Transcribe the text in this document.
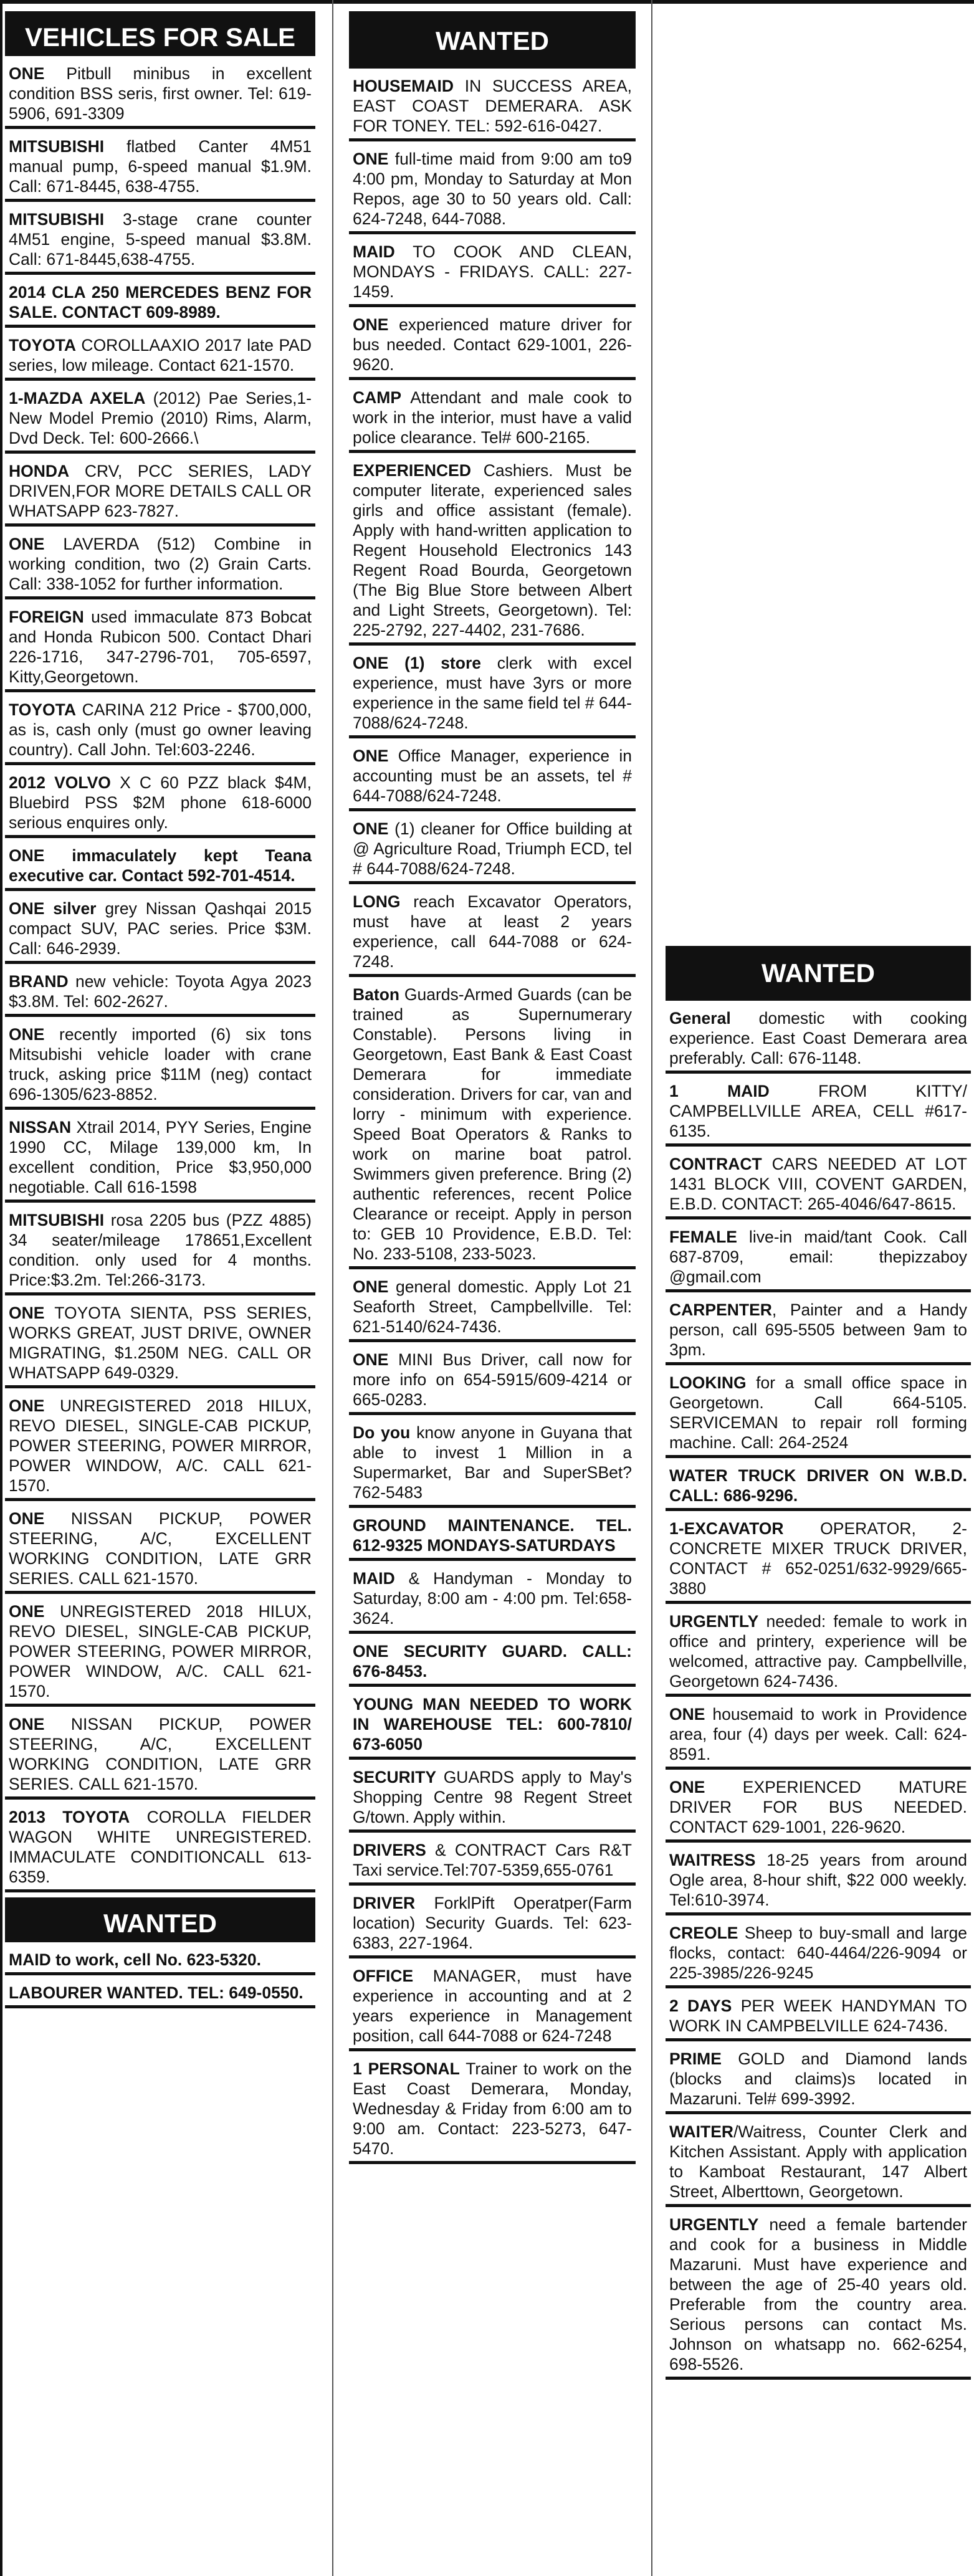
VEHICLES FOR SALE
ONE Pitbull minibus in excellent condition BSS seris, first owner. Tel: 619-5906, 691-3309
MITSUBISHI flatbed Canter 4M51 manual pump, 6-speed manual $1.9M. Call: 671-8445, 638-4755.
MITSUBISHI 3-stage crane counter 4M51 engine, 5-speed manual $3.8M. Call: 671-8445,638-4755.
2014 CLA 250 MERCEDES BENZ FOR SALE. CONTACT 609-8989.
TOYOTA COROLLAAXIO 2017 late PAD series, low mileage. Contact 621-1570.
1-MAZDA AXELA (2012) Pae Series,1- New Model Premio (2010) Rims, Alarm, Dvd Deck. Tel: 600-2666.\
HONDA CRV, PCC SERIES, LADY DRIVEN,FOR MORE DETAILS CALL OR WHATSAPP 623-7827.
ONE LAVERDA (512) Combine in working condition, two (2) Grain Carts. Call: 338-1052 for further information.
FOREIGN used immaculate 873 Bobcat and Honda Rubicon 500. Contact Dhari 226-1716, 347-2796-701, 705-6597, Kitty,Georgetown.
TOYOTA CARINA 212 Price - $700,000, as is, cash only (must go owner leaving country). Call John. Tel:603-2246.
2012 VOLVO X C 60 PZZ black $4M, Bluebird PSS $2M phone 618-6000 serious enquires only.
ONE immaculately kept Teana executive car. Contact 592-701-4514.
ONE silver grey Nissan Qashqai 2015 compact SUV, PAC series. Price $3M. Call: 646-2939.
BRAND new vehicle: Toyota Agya 2023 $3.8M. Tel: 602-2627.
ONE recently imported (6) six tons Mitsubishi vehicle loader with crane truck, asking price $11M (neg) contact 696-1305/623-8852.
NISSAN Xtrail 2014, PYY Series, Engine 1990 CC, Milage 139,000 km, In excellent condition, Price $3,950,000 negotiable. Call 616-1598
MITSUBISHI rosa 2205 bus (PZZ 4885) 34 seater/mileage 178651,Excellent condition. only used for 4 months. Price:$3.2m. Tel:266-3173.
ONE TOYOTA SIENTA, PSS SERIES, WORKS GREAT, JUST DRIVE, OWNER MIGRATING, $1.250M NEG. CALL OR WHATSAPP 649-0329.
ONE UNREGISTERED 2018 HILUX, REVO DIESEL, SINGLE-CAB PICKUP, POWER STEERING, POWER MIRROR, POWER WINDOW, A/C. CALL 621-1570.
ONE NISSAN PICKUP, POWER STEERING, A/C, EXCELLENT WORKING CONDITION, LATE GRR SERIES. CALL 621-1570.
ONE UNREGISTERED 2018 HILUX, REVO DIESEL, SINGLE-CAB PICKUP, POWER STEERING, POWER MIRROR, POWER WINDOW, A/C. CALL 621-1570.
ONE NISSAN PICKUP, POWER STEERING, A/C, EXCELLENT WORKING CONDITION, LATE GRR SERIES. CALL 621-1570.
2013 TOYOTA COROLLA FIELDER WAGON WHITE UNREGISTERED. IMMACULATE CONDITIONCALL 613-6359.
WANTED
MAID to work, cell No. 623-5320.
LABOURER WANTED. TEL: 649-0550.
WANTED
HOUSEMAID IN SUCCESS AREA, EAST COAST DEMERARA. ASK FOR TONEY. TEL: 592-616-0427.
ONE full-time maid from 9:00 am to9 4:00 pm, Monday to Saturday at Mon Repos, age 30 to 50 years old. Call: 624-7248, 644-7088.
MAID TO COOK AND CLEAN, MONDAYS - FRIDAYS. CALL: 227-1459.
ONE experienced mature driver for bus needed. Contact 629-1001, 226-9620.
CAMP Attendant and male cook to work in the interior, must have a valid police clearance. Tel# 600-2165.
EXPERIENCED Cashiers. Must be computer literate, experienced sales girls and office assistant (female). Apply with hand-written application to Regent Household Electronics 143 Regent Road Bourda, Georgetown (The Big Blue Store between Albert and Light Streets, Georgetown). Tel: 225-2792, 227-4402, 231-7686.
ONE (1) store clerk with excel experience, must have 3yrs or more experience in the same field tel # 644-7088/624-7248.
ONE Office Manager, experience in accounting must be an assets, tel # 644-7088/624-7248.
ONE (1) cleaner for Office building at @ Agriculture Road, Triumph ECD, tel # 644-7088/624-7248.
LONG reach Excavator Operators, must have at least 2 years experience, call 644-7088 or 624-7248.
Baton Guards-Armed Guards (can be trained as Supernumerary Constable). Persons living in Georgetown, East Bank & East Coast Demerara for immediate consideration. Drivers for car, van and lorry - minimum with experience. Speed Boat Operators & Ranks to work on marine boat patrol. Swimmers given preference. Bring (2) authentic references, recent Police Clearance or receipt. Apply in person to: GEB 10 Providence, E.B.D. Tel: No. 233-5108, 233-5023.
ONE general domestic. Apply Lot 21 Seaforth Street, Campbellville. Tel: 621-5140/624-7436.
ONE MINI Bus Driver, call now for more info on 654-5915/609-4214 or 665-0283.
Do you know anyone in Guyana that able to invest 1 Million in a Supermarket, Bar and SuperSBet? 762-5483
GROUND MAINTENANCE. TEL. 612-9325 MONDAYS-SATURDAYS
MAID & Handyman - Monday to Saturday, 8:00 am - 4:00 pm. Tel:658-3624.
ONE SECURITY GUARD. CALL: 676-8453.
YOUNG MAN NEEDED TO WORK IN WAREHOUSE TEL: 600-7810/ 673-6050
SECURITY GUARDS apply to May's Shopping Centre 98 Regent Street G/town. Apply within.
DRIVERS & CONTRACT Cars R&T Taxi service.Tel:707-5359,655-0761
DRIVER ForklPift Operatper(Farm location) Security Guards. Tel: 623-6383, 227-1964.
OFFICE MANAGER, must have experience in accounting and at 2 years experience in Management position, call 644-7088 or 624-7248
1 PERSONAL Trainer to work on the East Coast Demerara, Monday, Wednesday & Friday from 6:00 am to 9:00 am. Contact: 223-5273, 647-5470.
WANTED
General domestic with cooking experience. East Coast Demerara area preferably. Call: 676-1148.
1 MAID FROM KITTY/ CAMPBELLVILLE AREA, CELL #617-6135.
CONTRACT CARS NEEDED AT LOT 1431 BLOCK VIII, COVENT GARDEN, E.B.D. CONTACT: 265-4046/647-8615.
FEMALE live-in maid/tant Cook. Call 687-8709, email: thepizzaboy @gmail.com
CARPENTER, Painter and a Handy person, call 695-5505 between 9am to 3pm.
LOOKING for a small office space in Georgetown. Call 664-5105. SERVICEMAN to repair roll forming machine. Call: 264-2524
WATER TRUCK DRIVER ON W.B.D. CALL: 686-9296.
1-EXCAVATOR OPERATOR, 2- CONCRETE MIXER TRUCK DRIVER, CONTACT # 652-0251/632-9929/665-3880
URGENTLY needed: female to work in office and printery, experience will be welcomed, attractive pay. Campbellville, Georgetown 624-7436.
ONE housemaid to work in Providence area, four (4) days per week. Call: 624-8591.
ONE EXPERIENCED MATURE DRIVER FOR BUS NEEDED. CONTACT 629-1001, 226-9620.
WAITRESS 18-25 years from around Ogle area, 8-hour shift, $22 000 weekly. Tel:610-3974.
CREOLE Sheep to buy-small and large flocks, contact: 640-4464/226-9094 or 225-3985/226-9245
2 DAYS PER WEEK HANDYMAN TO WORK IN CAMPBELVILLE 624-7436.
PRIME GOLD and Diamond lands (blocks and claims)s located in Mazaruni. Tel# 699-3992.
WAITER/Waitress, Counter Clerk and Kitchen Assistant. Apply with application to Kamboat Restaurant, 147 Albert Street, Alberttown, Georgetown.
URGENTLY need a female bartender and cook for a business in Middle Mazaruni. Must have experience and between the age of 25-40 years old. Preferable from the country area. Serious persons can contact Ms. Johnson on whatsapp no. 662-6254, 698-5526.
